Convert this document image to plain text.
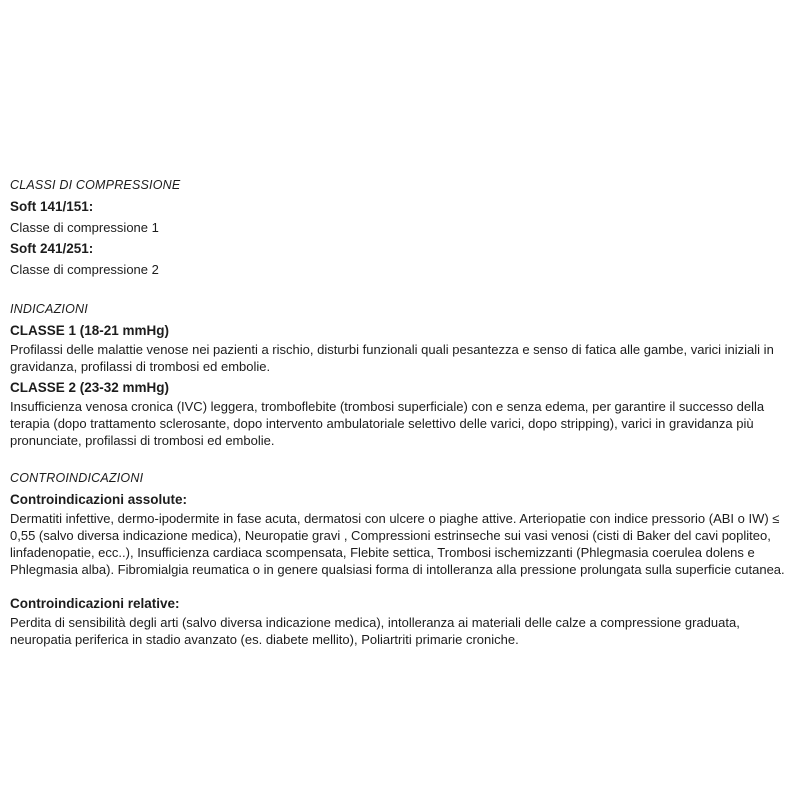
CLASSI DI COMPRESSIONE
Soft 141/151:

Classe di compressione 1

Soft 241/251:

Classe di compressione 2

INDICAZIONI
CLASSE 1 (18-21 mmHg)

Profilassi delle malattie venose nei pazienti a rischio, disturbi funzionali quali pesantezza e senso di fatica alle gambe, varici iniziali in gravidanza, profilassi di trombosi ed embolie.

CLASSE 2 (23-32 mmHg)

Insufficienza venosa cronica (IVC) leggera, tromboflebite (trombosi superficiale) con e senza edema, per garantire il successo della terapia (dopo trattamento sclerosante, dopo intervento ambulatoriale selettivo delle varici, dopo stripping), varici in gravidanza più pronunciate, profilassi di trombosi ed embolie.

CONTROINDICAZIONI
Controindicazioni assolute:

Dermatiti infettive, dermo-ipodermite in fase acuta, dermatosi con ulcere o piaghe attive. Arteriopatie con indice pressorio (ABI o IW) ≤ 0,55 (salvo diversa indicazione medica), Neuropatie gravi , Compressioni estrinseche sui vasi venosi (cisti di Baker del cavi popliteo, linfadenopatie, ecc..), Insufficienza cardiaca scompensata, Flebite settica, Trombosi ischemizzanti (Phlegmasia coerulea dolens e Phlegmasia alba). Fibromialgia reumatica o in genere qualsiasi forma di intolleranza alla pressione prolungata sulla superficie cutanea.

Controindicazioni relative:

Perdita di sensibilità degli arti (salvo diversa indicazione medica), intolleranza ai materiali delle calze a compressione graduata, neuropatia periferica in stadio avanzato (es. diabete mellito), Poliartriti primarie croniche.
